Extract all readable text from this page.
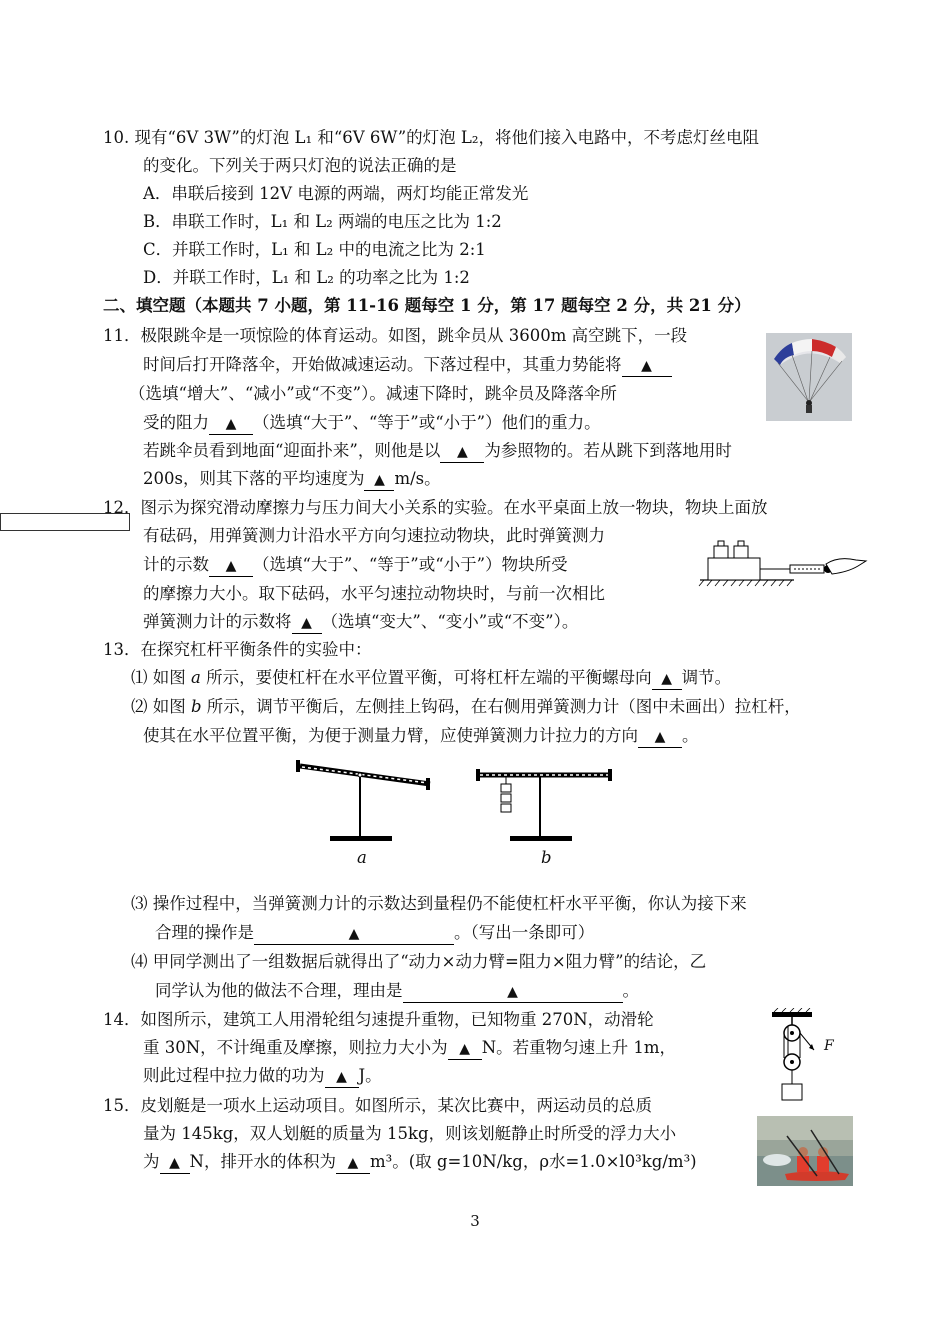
10. 现有“6V 3W”的灯泡 L₁ 和“6V 6W”的灯泡 L₂，将他们接入电路中，不考虑灯丝电阻
的变化。下列关于两只灯泡的说法正确的是
A．串联后接到 12V 电源的两端，两灯均能正常发光
B．串联工作时，L₁ 和 L₂ 两端的电压之比为 1:2
C．并联工作时，L₁ 和 L₂ 中的电流之比为 2:1
D．并联工作时，L₁ 和 L₂ 的功率之比为 1:2
二、填空题（本题共 7 小题，第 11-16 题每空 1 分，第 17 题每空 2 分，共 21 分）
11．极限跳伞是一项惊险的体育运动。如图，跳伞员从 3600m 高空跳下，一段
时间后打开降落伞，开始做减速运动。下落过程中，其重力势能将 ▲
（选填“增大”、“减小”或“不变”）。减速下降时，跳伞员及降落伞所
受的阻力 ▲ （选填“大于”、“等于”或“小于”）他们的重力。
若跳伞员看到地面“迎面扑来”，则他是以 ▲ 为参照物的。若从跳下到落地用时
200s，则其下落的平均速度为 ▲ m/s。
12．图示为探究滑动摩擦力与压力间大小关系的实验。在水平桌面上放一物块，物块上面放
有砝码，用弹簧测力计沿水平方向匀速拉动物块，此时弹簧测力
计的示数 ▲ （选填“大于”、“等于”或“小于”）物块所受
的摩擦力大小。取下砝码，水平匀速拉动物块时，与前一次相比
弹簧测力计的示数将 ▲ （选填“变大”、“变小”或“不变”）。
13．在探究杠杆平衡条件的实验中：
⑴ 如图 a 所示，要使杠杆在水平位置平衡，可将杠杆左端的平衡螺母向 ▲ 调节。
⑵ 如图 b 所示，调节平衡后，左侧挂上钩码，在右侧用弹簧测力计（图中未画出）拉杠杆，
使其在水平位置平衡，为便于测量力臂，应使弹簧测力计拉力的方向 ▲ 。
a	b
⑶ 操作过程中，当弹簧测力计的示数达到量程仍不能使杠杆水平平衡，你认为接下来
合理的操作是	▲	。（写出一条即可）
⑷ 甲同学测出了一组数据后就得出了“动力×动力臂=阻力×阻力臂”的结论，乙
同学认为他的做法不合理，理由是	▲	。
14．如图所示，建筑工人用滑轮组匀速提升重物，已知物重 270N，动滑轮
重 30N，不计绳重及摩擦，则拉力大小为 ▲ N。若重物匀速上升 1m，
则此过程中拉力做的功为 ▲ J。
F
15．皮划艇是一项水上运动项目。如图所示，某次比赛中，两运动员的总质
量为 145kg，双人划艇的质量为 15kg，则该划艇静止时所受的浮力大小
为 ▲ N，排开水的体积为 ▲ m³。(取 g=10N/kg，ρ水=1.0×l0³kg/m³)
3
